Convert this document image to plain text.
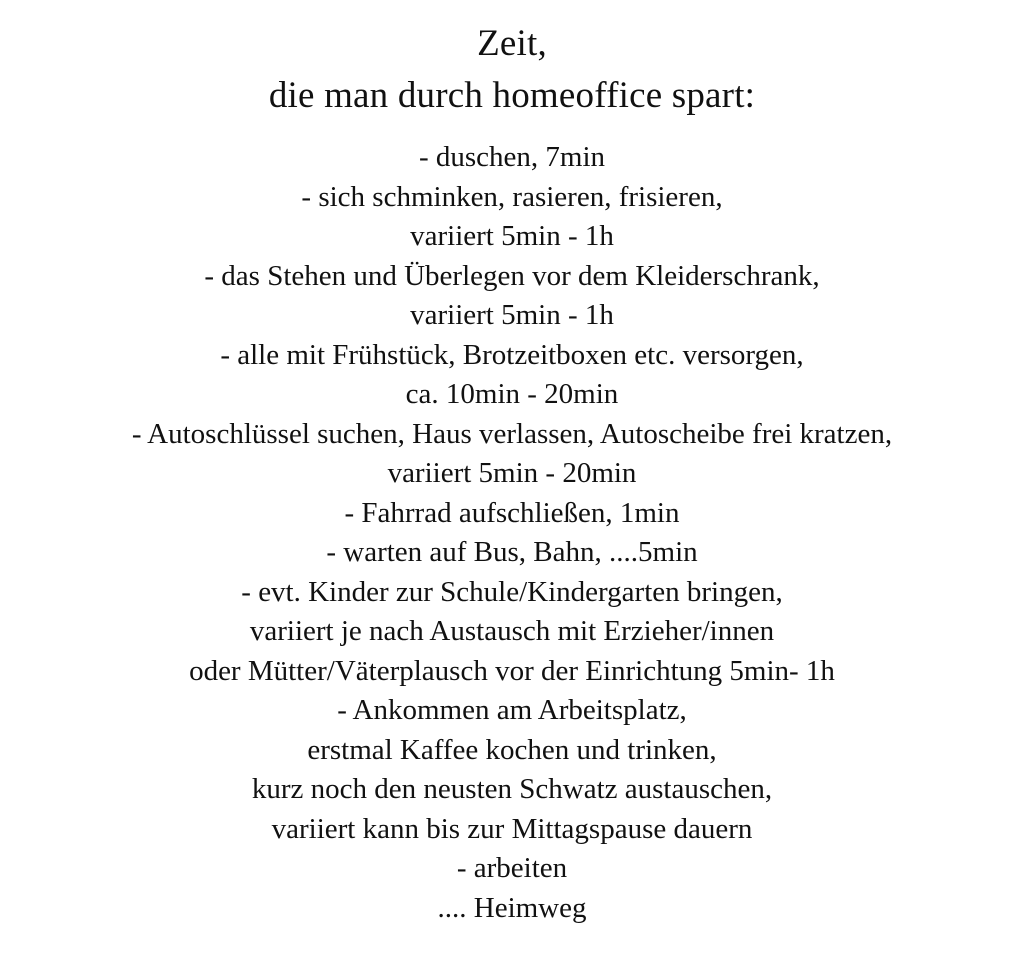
Zeit,
die man durch homeoffice spart:
- duschen, 7min
- sich schminken, rasieren, frisieren,
variiert 5min - 1h
- das Stehen und Überlegen vor dem Kleiderschrank,
variiert 5min - 1h
- alle mit Frühstück, Brotzeitboxen etc. versorgen,
ca. 10min - 20min
- Autoschlüssel suchen, Haus verlassen, Autoscheibe frei kratzen,
variiert 5min - 20min
- Fahrrad aufschließen, 1min
- warten auf Bus, Bahn, ....5min
- evt. Kinder zur Schule/Kindergarten bringen,
variiert je nach Austausch mit Erzieher/innen
oder Mütter/Väterplausch vor der Einrichtung 5min- 1h
- Ankommen am Arbeitsplatz,
erstmal Kaffee kochen und trinken,
kurz noch den neusten Schwatz austauschen,
variiert kann bis zur Mittagspause dauern
- arbeiten
.... Heimweg
